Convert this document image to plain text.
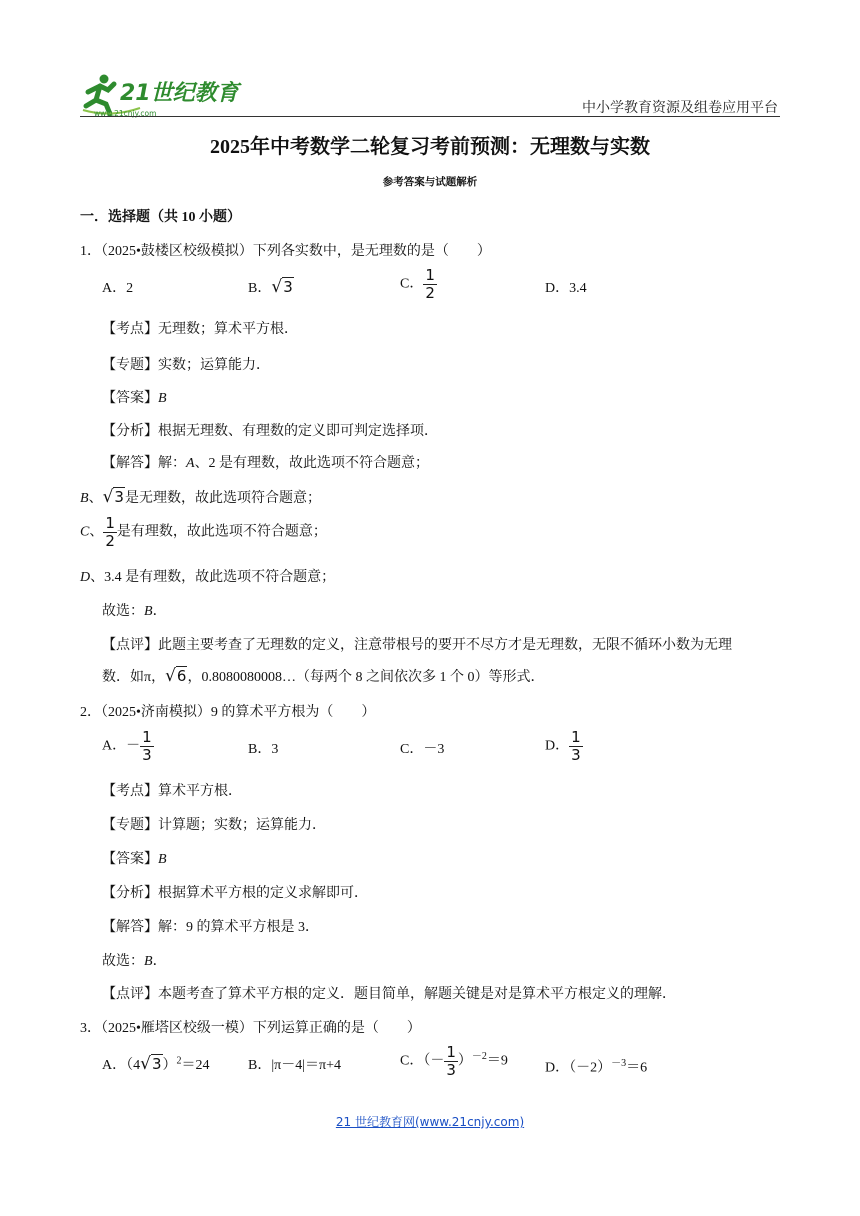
21世纪教育
www.21cnjy.com	中小学教育资源及组卷应用平台
2025年中考数学二轮复习考前预测：无理数与实数
参考答案与试题解析
一．选择题（共 10 小题）
1．（2025•鼓楼区校级模拟）下列各实数中，是无理数的是（　　）
A．2	B．√3	C． $\frac{1}{2}$	D．3.4
【考点】无理数；算术平方根．
【专题】实数；运算能力．
【答案】B
【分析】根据无理数、有理数的定义即可判定选择项．
【解答】解：A、2 是有理数，故此选项不符合题意；
B、√3是无理数，故此选项符合题意；
C、 $\frac{1}{2}$ 是有理数，故此选项不符合题意；
D、3.4 是有理数，故此选项不符合题意；
故选：B．
【点评】此题主要考查了无理数的定义，注意带根号的要开不尽方才是无理数，无限不循环小数为无理
数．如π，√6，0.8080080008…（每两个 8 之间依次多 1 个 0）等形式．
2．（2025•济南模拟）9 的算术平方根为（　　）
A．－ $\frac{1}{3}$	B．3	C．－3	D． $\frac{1}{3}$
【考点】算术平方根．
【专题】计算题；实数；运算能力．
【答案】B
【分析】根据算术平方根的定义求解即可．
【解答】解：9 的算术平方根是 3．
故选：B．
【点评】本题考查了算术平方根的定义．题目简单，解题关键是对是算术平方根定义的理解．
3．（2025•雁塔区校级一模）下列运算正确的是（　　）
A．$(4√3)^2=24$	B．|π－4|＝π+4	C．（－ $\frac{1}{3} )^{-2}=9$	D．$(-2)^{-3}=6$
21 世纪教育网(www.21cnjy.com)
